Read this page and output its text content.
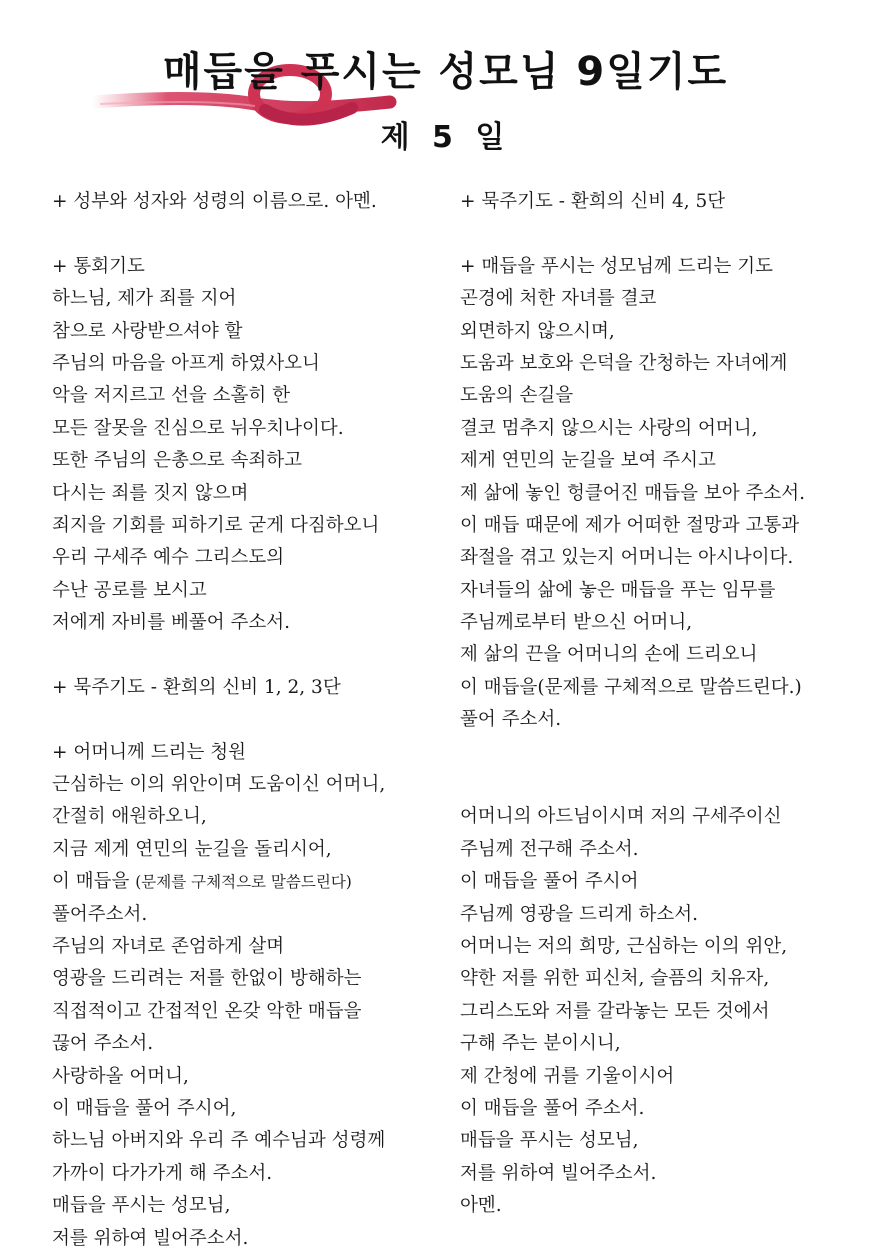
매듭을 푸시는 성모님 9일기도
제 5 일
+ 성부와 성자와 성령의 이름으로. 아멘.
+ 통회기도
하느님, 제가 죄를 지어
참으로 사랑받으셔야 할
주님의 마음을 아프게 하였사오니
악을 저지르고 선을 소홀히 한
모든 잘못을 진심으로 뉘우치나이다.
또한 주님의 은총으로 속죄하고
다시는 죄를 짓지 않으며
죄지을 기회를 피하기로 굳게 다짐하오니
우리 구세주 예수 그리스도의
수난 공로를 보시고
저에게 자비를 베풀어 주소서.
+ 묵주기도 - 환희의 신비 1, 2, 3단
+ 어머니께 드리는 청원
근심하는 이의 위안이며 도움이신 어머니,
간절히 애원하오니,
지금 제게 연민의 눈길을 돌리시어,
이 매듭을 (문제를 구체적으로 말씀드린다)
풀어주소서.
주님의 자녀로 존엄하게 살며
영광을 드리려는 저를 한없이 방해하는
직접적이고 간접적인 온갖 악한 매듭을
끊어 주소서.
사랑하올 어머니,
이 매듭을 풀어 주시어,
하느님 아버지와 우리 주 예수님과 성령께
가까이 다가가게 해 주소서.
매듭을 푸시는 성모님,
저를 위하여 빌어주소서.
+ 묵주기도 - 환희의 신비 4, 5단
+ 매듭을 푸시는 성모님께 드리는 기도
곤경에 처한 자녀를 결코
외면하지 않으시며,
도움과 보호와 은덕을 간청하는 자녀에게
도움의 손길을
결코 멈추지 않으시는 사랑의 어머니,
제게 연민의 눈길을 보여 주시고
제 삶에 놓인 헝클어진 매듭을 보아 주소서.
이 매듭 때문에 제가 어떠한 절망과 고통과
좌절을 겪고 있는지 어머니는 아시나이다.
자녀들의 삶에 놓은 매듭을 푸는 임무를
주님께로부터 받으신 어머니,
제 삶의 끈을 어머니의 손에 드리오니
이 매듭을(문제를 구체적으로 말씀드린다.)
풀어 주소서.
어머니의 아드님이시며 저의 구세주이신
주님께 전구해 주소서.
이 매듭을 풀어 주시어
주님께 영광을 드리게 하소서.
어머니는 저의 희망, 근심하는 이의 위안,
약한 저를 위한 피신처, 슬픔의 치유자,
그리스도와 저를 갈라놓는 모든 것에서
구해 주는 분이시니,
제 간청에 귀를 기울이시어
이 매듭을 풀어 주소서.
매듭을 푸시는 성모님,
저를 위하여 빌어주소서.
아멘.
